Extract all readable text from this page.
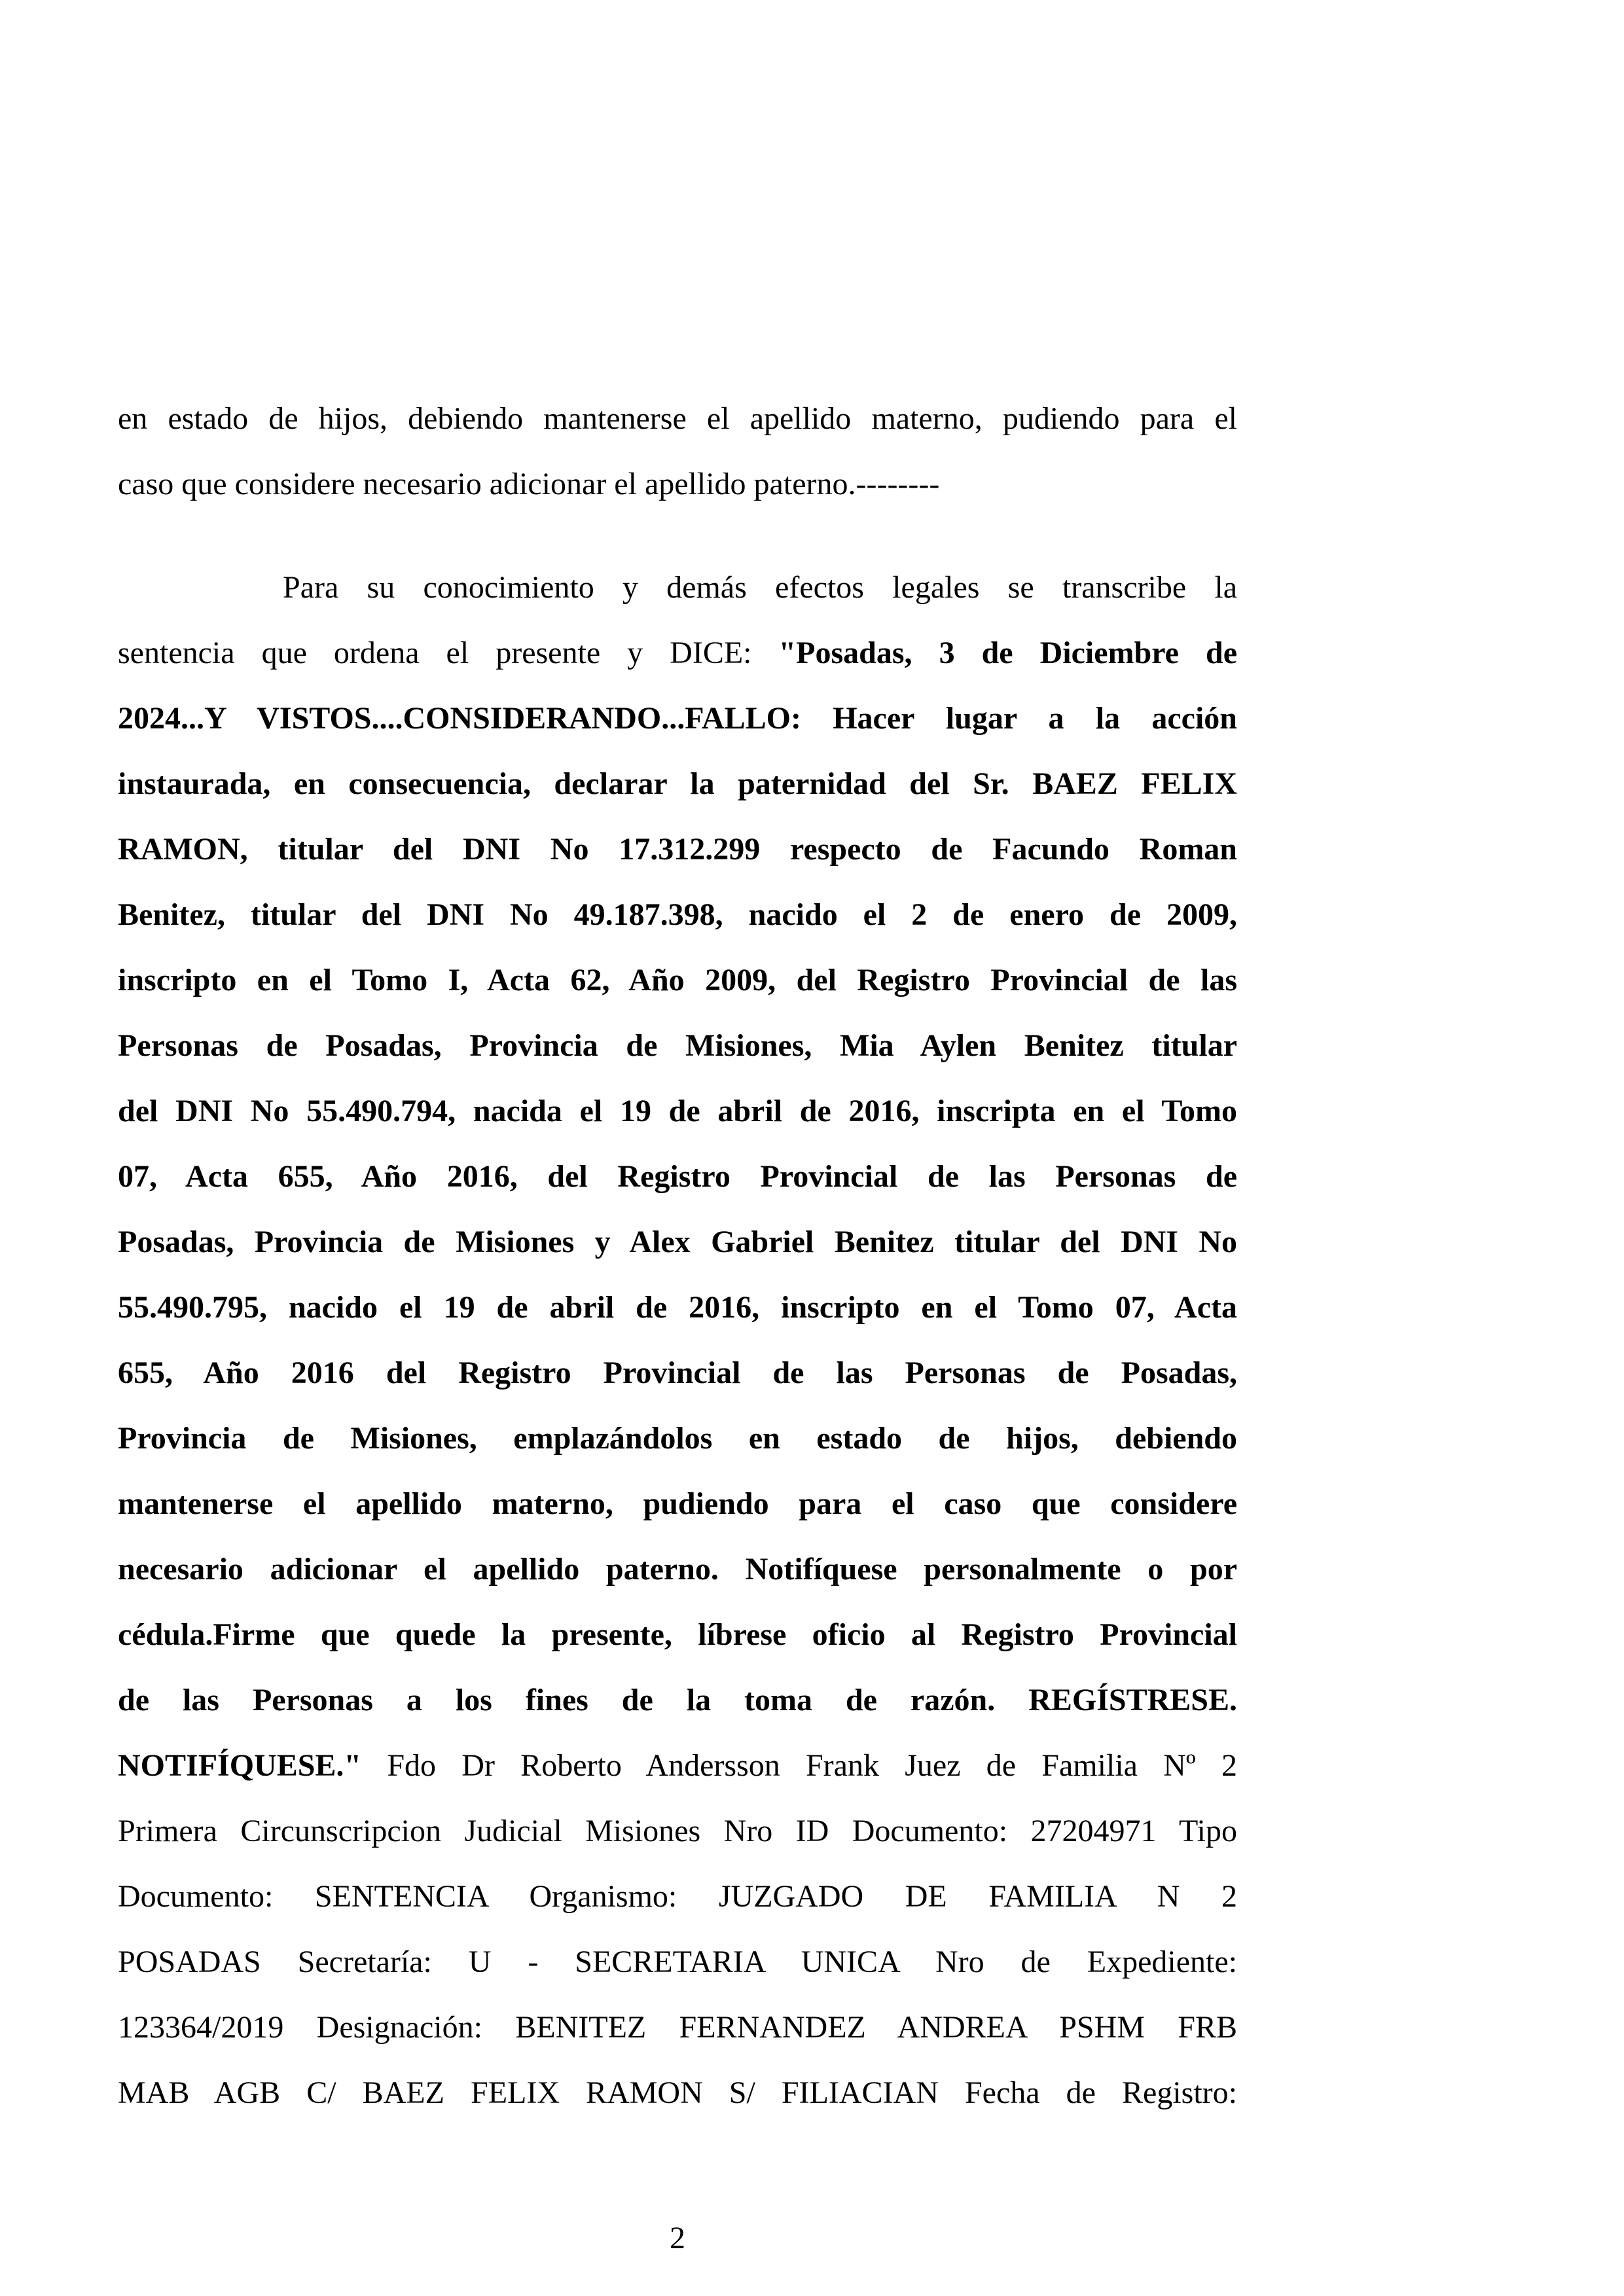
en estado de hijos, debiendo mantenerse el apellido materno, pudiendo para el
caso que considere necesario adicionar el apellido paterno.--------
Para su conocimiento y demás efectos legales se transcribe la
sentencia que ordena el presente y DICE: "Posadas, 3 de Diciembre de
2024...Y VISTOS....CONSIDERANDO...FALLO: Hacer lugar a la acción
instaurada, en consecuencia, declarar la paternidad del Sr. BAEZ FELIX
RAMON, titular del DNI No 17.312.299 respecto de Facundo Roman
Benitez, titular del DNI No 49.187.398, nacido el 2 de enero de 2009,
inscripto en el Tomo I, Acta 62, Año 2009, del Registro Provincial de las
Personas de Posadas, Provincia de Misiones, Mia Aylen Benitez titular
del DNI No 55.490.794, nacida el 19 de abril de 2016, inscripta en el Tomo
07, Acta 655, Año 2016, del Registro Provincial de las Personas de
Posadas, Provincia de Misiones y Alex Gabriel Benitez titular del DNI No
55.490.795, nacido el 19 de abril de 2016, inscripto en el Tomo 07, Acta
655, Año 2016 del Registro Provincial de las Personas de Posadas,
Provincia de Misiones, emplazándolos en estado de hijos, debiendo
mantenerse el apellido materno, pudiendo para el caso que considere
necesario adicionar el apellido paterno. Notifíquese personalmente o por
cédula.Firme que quede la presente, líbrese oficio al Registro Provincial
de las Personas a los fines de la toma de razón. REGÍSTRESE.
NOTIFÍQUESE." Fdo Dr Roberto Andersson Frank Juez de Familia Nº 2
Primera Circunscripcion Judicial Misiones Nro ID Documento: 27204971 Tipo
Documento: SENTENCIA Organismo: JUZGADO DE FAMILIA N 2
POSADAS Secretaría: U - SECRETARIA UNICA Nro de Expediente:
123364/2019 Designación: BENITEZ FERNANDEZ ANDREA PSHM FRB
MAB AGB C/ BAEZ FELIX RAMON S/ FILIACIAN Fecha de Registro:
2
